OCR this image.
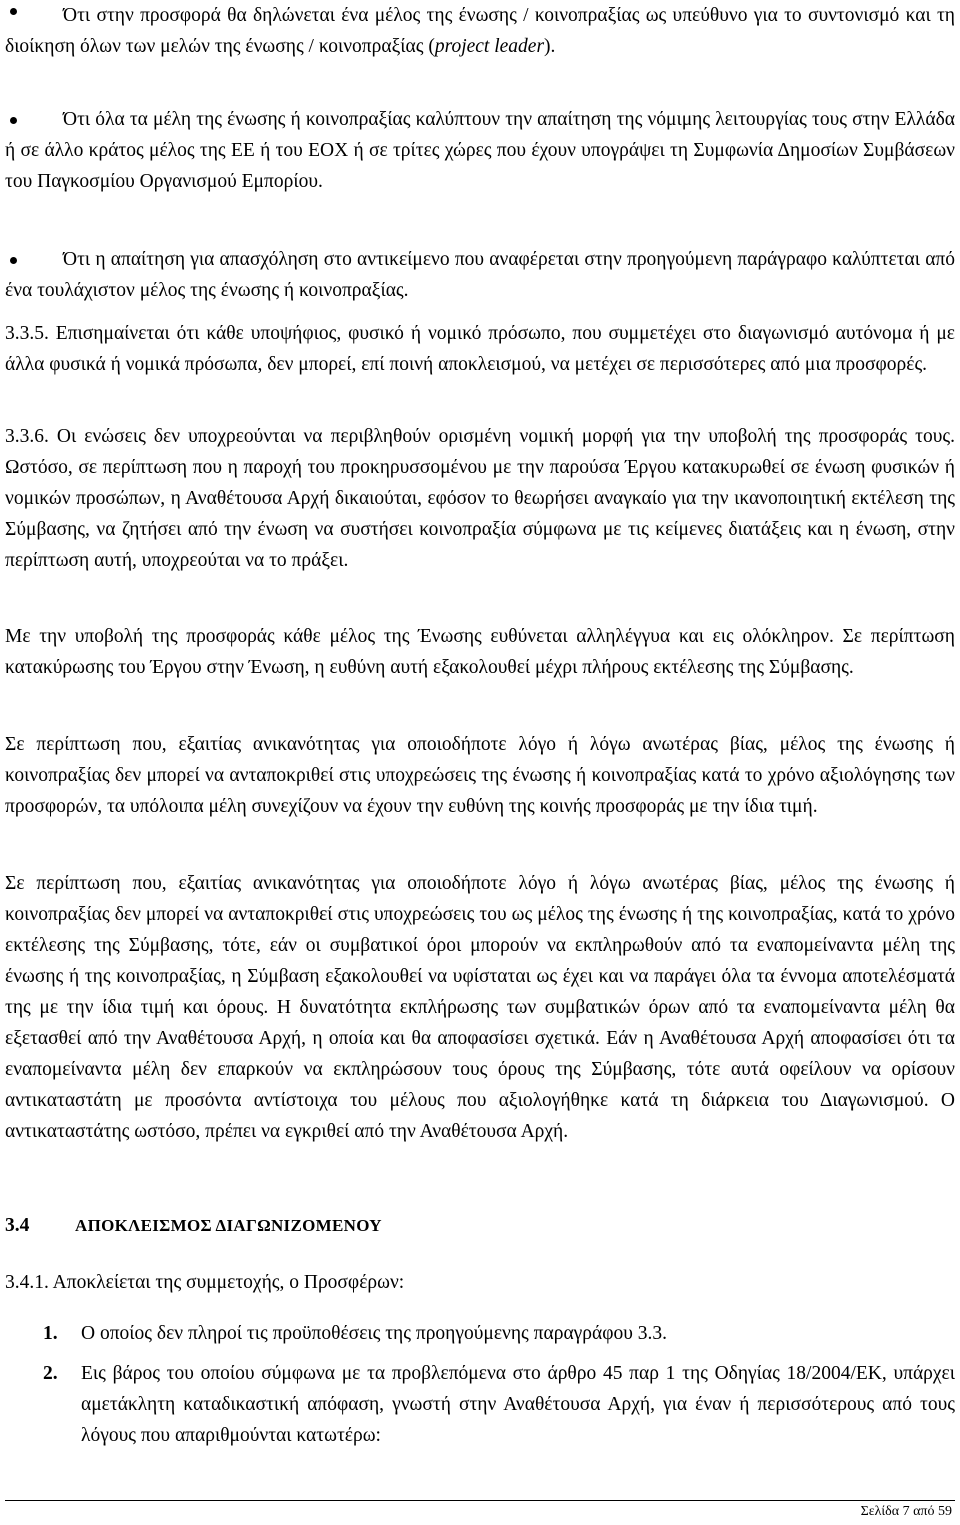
Ότι στην προσφορά θα δηλώνεται ένα μέλος της ένωσης / κοινοπραξίας ως υπεύθυνο για το συντονισμό και τη διοίκηση όλων των μελών της ένωσης / κοινοπραξίας (project leader).

Ότι όλα τα μέλη της ένωσης ή κοινοπραξίας καλύπτουν την απαίτηση της νόμιμης λειτουργίας τους στην Ελλάδα ή σε άλλο κράτος μέλος της ΕΕ ή του ΕΟΧ ή σε τρίτες χώρες που έχουν υπογράψει τη Συμφωνία Δημοσίων Συμβάσεων του Παγκοσμίου Οργανισμού Εμπορίου.

Ότι η απαίτηση για απασχόληση στο αντικείμενο που αναφέρεται στην προηγούμενη παράγραφο καλύπτεται από ένα τουλάχιστον μέλος της ένωσης ή κοινοπραξίας.

3.3.5. Επισημαίνεται ότι κάθε υποψήφιος, φυσικό ή νομικό πρόσωπο, που συμμετέχει στο διαγωνισμό αυτόνομα ή με άλλα φυσικά ή νομικά πρόσωπα, δεν μπορεί, επί ποινή αποκλεισμού, να μετέχει σε περισσότερες από μια προσφορές.

3.3.6. Οι ενώσεις δεν υποχρεούνται να περιβληθούν ορισμένη νομική μορφή για την υποβολή της προσφοράς τους. Ωστόσο, σε περίπτωση που η παροχή του προκηρυσσομένου με την παρούσα Έργου κατακυρωθεί σε ένωση φυσικών ή νομικών προσώπων, η Αναθέτουσα Αρχή δικαιούται, εφόσον το θεωρήσει αναγκαίο για την ικανοποιητική εκτέλεση της Σύμβασης, να ζητήσει από την ένωση να συστήσει κοινοπραξία σύμφωνα με τις κείμενες διατάξεις και η ένωση, στην περίπτωση αυτή, υποχρεούται να το πράξει.

Με την υποβολή της προσφοράς κάθε μέλος της Ένωσης ευθύνεται αλληλέγγυα και εις ολόκληρον. Σε περίπτωση κατακύρωσης του Έργου στην Ένωση, η ευθύνη αυτή εξακολουθεί μέχρι πλήρους εκτέλεσης της Σύμβασης.

Σε περίπτωση που, εξαιτίας ανικανότητας για οποιοδήποτε λόγο ή λόγω ανωτέρας βίας, μέλος της ένωσης ή κοινοπραξίας δεν μπορεί να ανταποκριθεί στις υποχρεώσεις της ένωσης ή κοινοπραξίας κατά το χρόνο αξιολόγησης των προσφορών, τα υπόλοιπα μέλη συνεχίζουν να έχουν την ευθύνη της κοινής προσφοράς με την ίδια τιμή.

Σε περίπτωση που, εξαιτίας ανικανότητας για οποιοδήποτε λόγο ή λόγω ανωτέρας βίας, μέλος της ένωσης ή κοινοπραξίας δεν μπορεί να ανταποκριθεί στις υποχρεώσεις του ως μέλος της ένωσης ή της κοινοπραξίας, κατά το χρόνο εκτέλεσης της Σύμβασης, τότε, εάν οι συμβατικοί όροι μπορούν να εκπληρωθούν από τα εναπομείναντα μέλη της ένωσης ή της κοινοπραξίας, η Σύμβαση εξακολουθεί να υφίσταται ως έχει και να παράγει όλα τα έννομα αποτελέσματά της με την ίδια τιμή και όρους. Η δυνατότητα εκπλήρωσης των συμβατικών όρων από τα εναπομείναντα μέλη θα εξετασθεί από την Αναθέτουσα Αρχή, η οποία και θα αποφασίσει σχετικά. Εάν η Αναθέτουσα Αρχή αποφασίσει ότι τα εναπομείναντα μέλη δεν επαρκούν να εκπληρώσουν τους όρους της Σύμβασης, τότε αυτά οφείλουν να ορίσουν αντικαταστάτη με προσόντα αντίστοιχα του μέλους που αξιολογήθηκε κατά τη διάρκεια του Διαγωνισμού. Ο αντικαταστάτης ωστόσο, πρέπει να εγκριθεί από την Αναθέτουσα Αρχή.

3.4	ΑΠΟΚΛΕΙΣΜΟΣ ΔΙΑΓΩΝΙΖΟΜΕΝΟΥ

3.4.1. Αποκλείεται της συμμετοχής, ο Προσφέρων:

1. Ο οποίος δεν πληροί τις προϋποθέσεις της προηγούμενης παραγράφου 3.3.

2. Εις βάρος του οποίου σύμφωνα με τα προβλεπόμενα στο άρθρο 45 παρ 1 της Οδηγίας 18/2004/ΕΚ, υπάρχει αμετάκλητη καταδικαστική απόφαση, γνωστή στην Αναθέτουσα Αρχή, για έναν ή περισσότερους από τους λόγους που απαριθμούνται κατωτέρω:

Σελίδα 7 από 59
